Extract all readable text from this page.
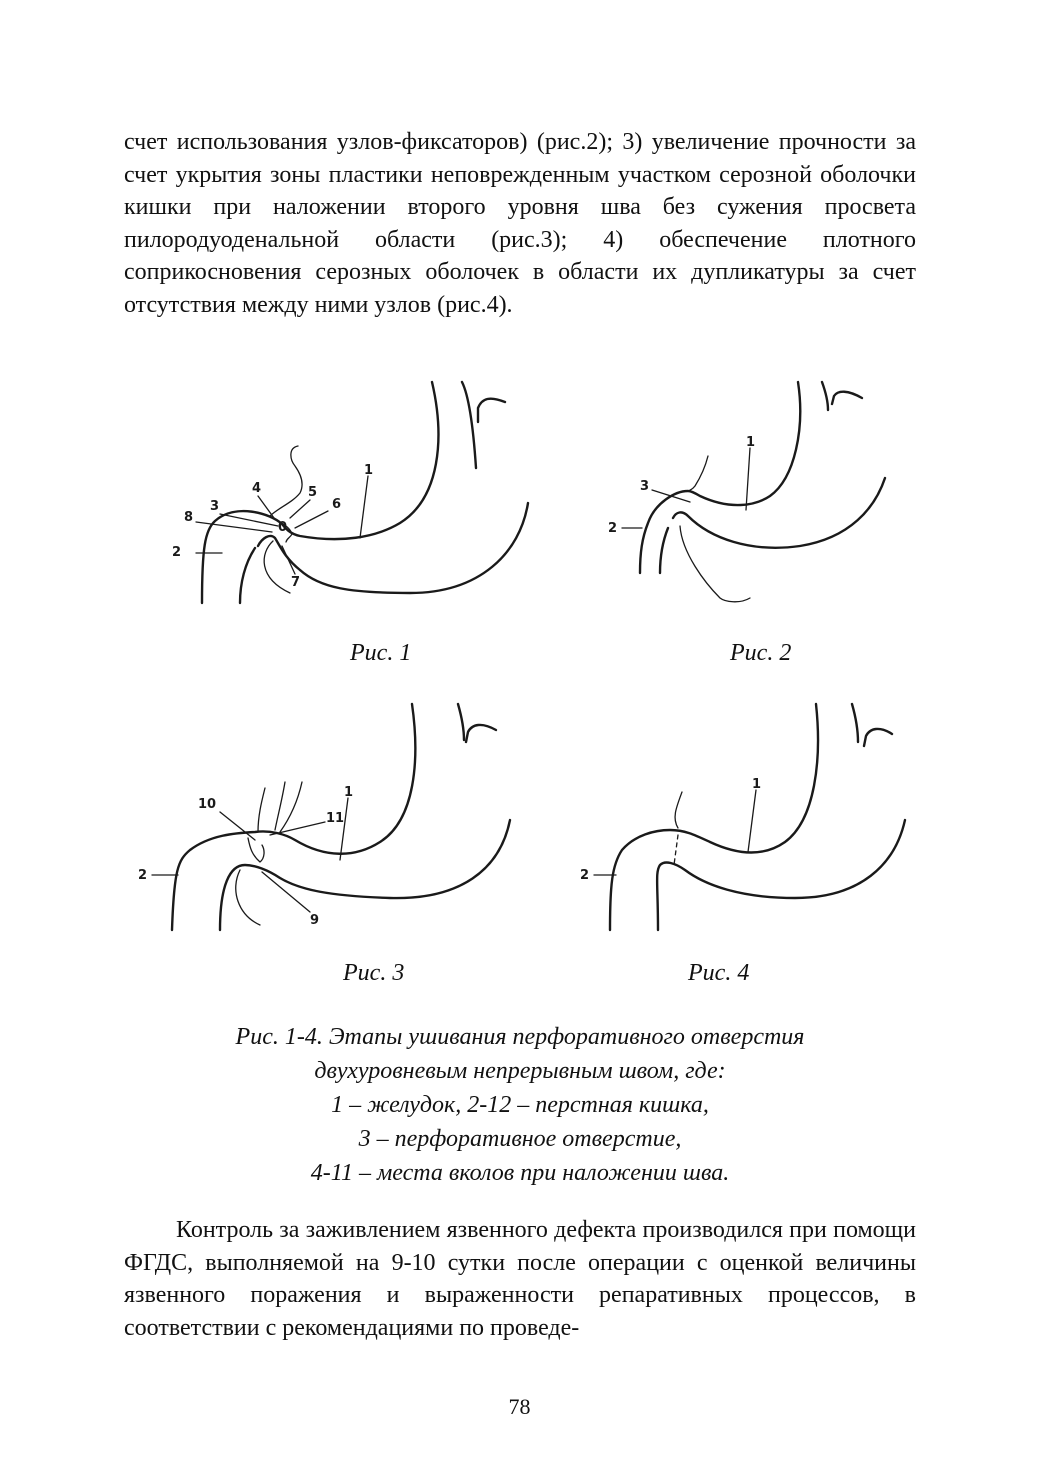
счет использования узлов-фиксаторов) (рис.2); 3) увеличение прочности за счет укрытия зоны пластики неповрежденным участком серозной оболочки кишки при наложении второго уровня шва без сужения просвета пилородуоденальной области (рис.3); 4) обеспечение плотного соприкосновения серозных оболочек в области их дупликатуры за счет отсутствия между ними узлов (рис.4).

1
2
3
4	5
6
7
8
0
Рис. 1
1
2
3
Рис. 2
1
2
9
10
11
Рис. 3
1
2
Рис. 4
Рис. 1-4. Этапы ушивания перфоративного отверстия
двухуровневым непрерывным швом, где:
1 – желудок, 2-12 – перстная кишка,
3 – перфоративное отверстие,
4-11 – места вколов при наложении шва.

Контроль за заживлением язвенного дефекта производился при помощи ФГДС, выполняемой на 9-10 сутки после операции с оценкой величины язвенного поражения и выраженности репаративных процессов, в соответствии с рекомендациями по проведе-

78
